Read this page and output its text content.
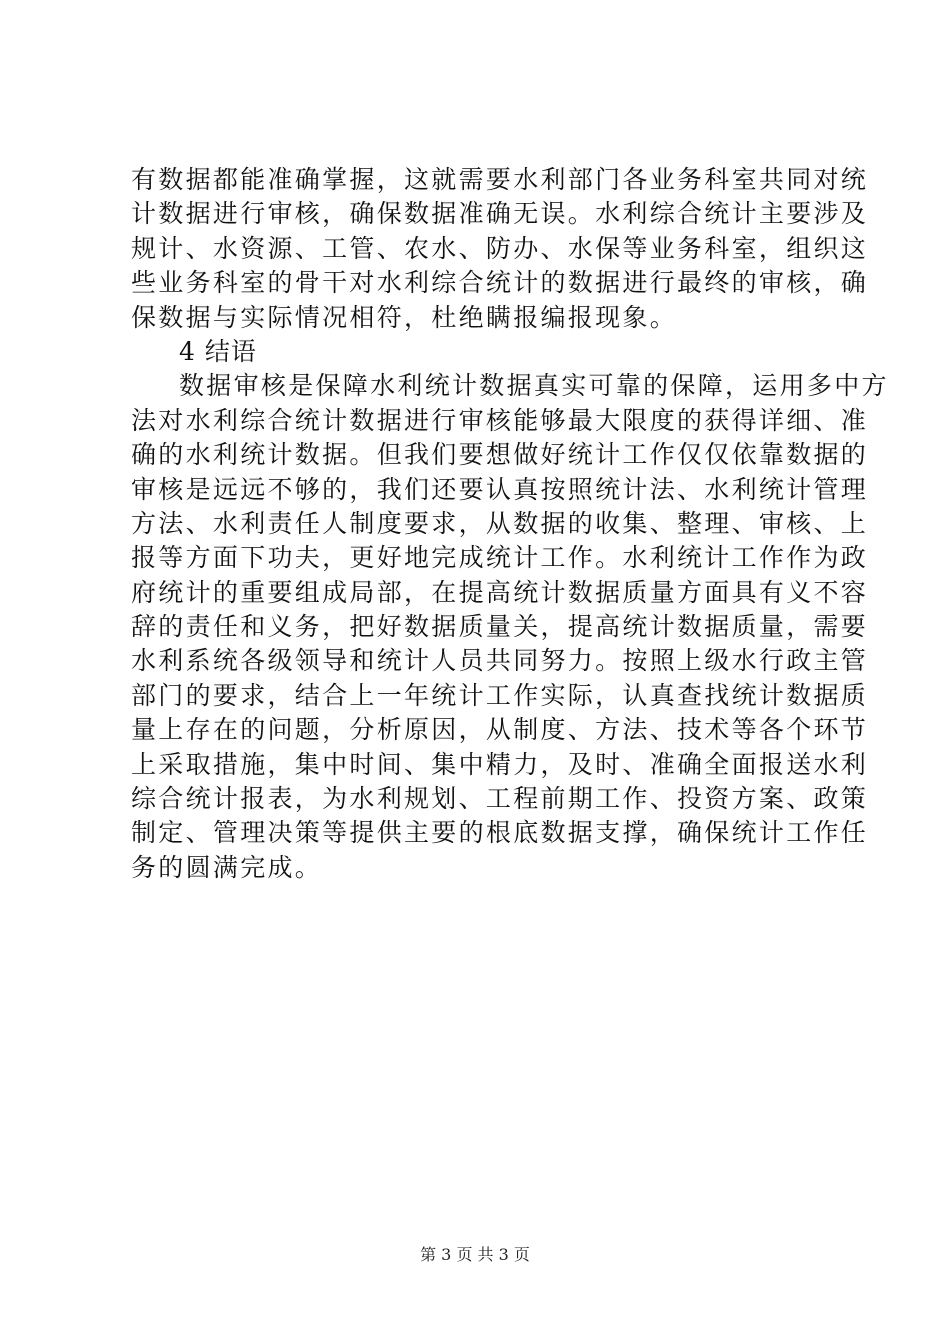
有数据都能准确掌握，这就需要水利部门各业务科室共同对统
计数据进行审核，确保数据准确无误。水利综合统计主要涉及
规计、水资源、工管、农水、防办、水保等业务科室，组织这
些业务科室的骨干对水利综合统计的数据进行最终的审核，确
保数据与实际情况相符，杜绝瞒报编报现象。
4 结语
数据审核是保障水利统计数据真实可靠的保障，运用多中方
法对水利综合统计数据进行审核能够最大限度的获得详细、准
确的水利统计数据。但我们要想做好统计工作仅仅依靠数据的
审核是远远不够的，我们还要认真按照统计法、水利统计管理
方法、水利责任人制度要求，从数据的收集、整理、审核、上
报等方面下功夫，更好地完成统计工作。水利统计工作作为政
府统计的重要组成局部，在提高统计数据质量方面具有义不容
辞的责任和义务，把好数据质量关，提高统计数据质量，需要
水利系统各级领导和统计人员共同努力。按照上级水行政主管
部门的要求，结合上一年统计工作实际，认真查找统计数据质
量上存在的问题，分析原因，从制度、方法、技术等各个环节
上采取措施，集中时间、集中精力，及时、准确全面报送水利
综合统计报表，为水利规划、工程前期工作、投资方案、政策
制定、管理决策等提供主要的根底数据支撑，确保统计工作任
务的圆满完成。
第 3 页 共 3 页
